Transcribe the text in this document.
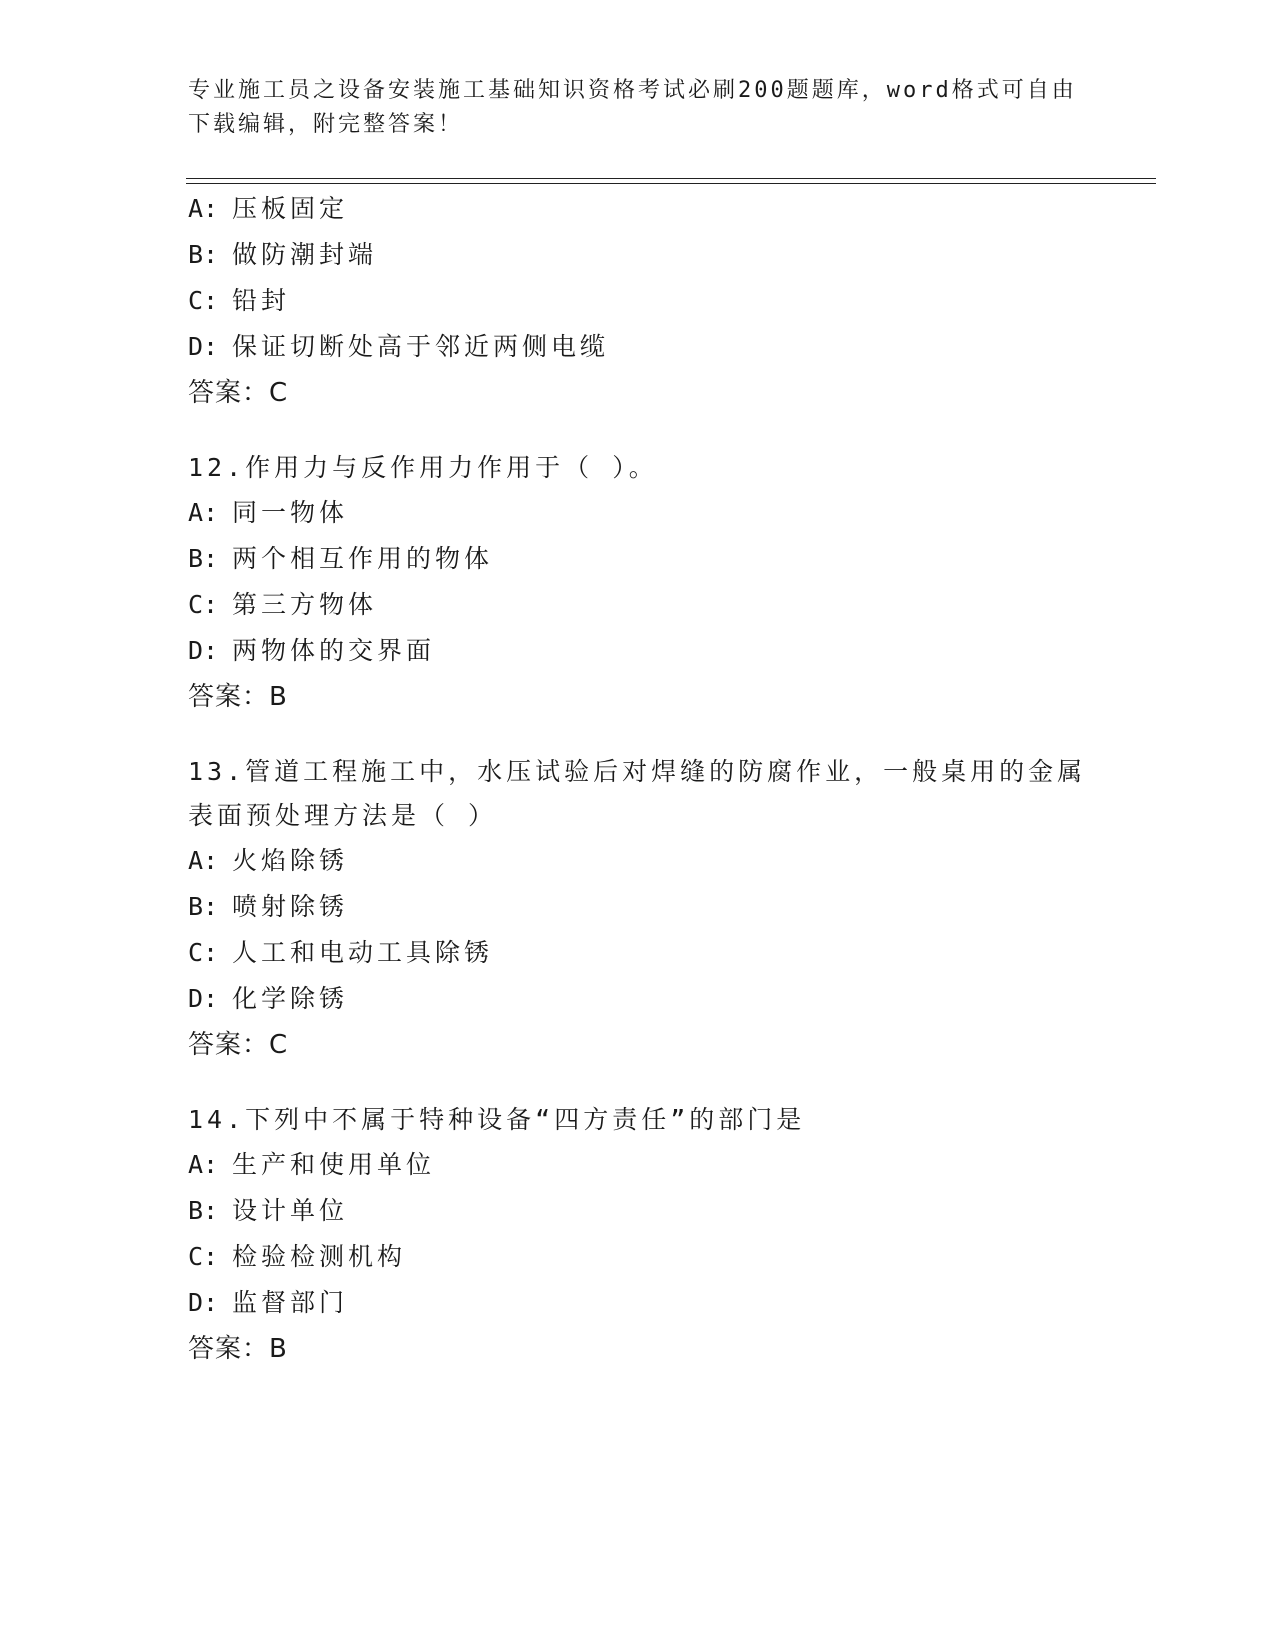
专业施工员之设备安装施工基础知识资格考试必刷200题题库，word格式可自由下载编辑，附完整答案！
A: 压板固定
B: 做防潮封端
C: 铅封
D: 保证切断处高于邻近两侧电缆
答案：C
12.作用力与反作用力作用于（ ）。
A: 同一物体
B: 两个相互作用的物体
C: 第三方物体
D: 两物体的交界面
答案：B
13.管道工程施工中，水压试验后对焊缝的防腐作业，一般桌用的金属表面预处理方法是（ ）
A: 火焰除锈
B: 喷射除锈
C: 人工和电动工具除锈
D: 化学除锈
答案：C
14.下列中不属于特种设备“四方责任”的部门是
A: 生产和使用单位
B: 设计单位
C: 检验检测机构
D: 监督部门
答案：B
